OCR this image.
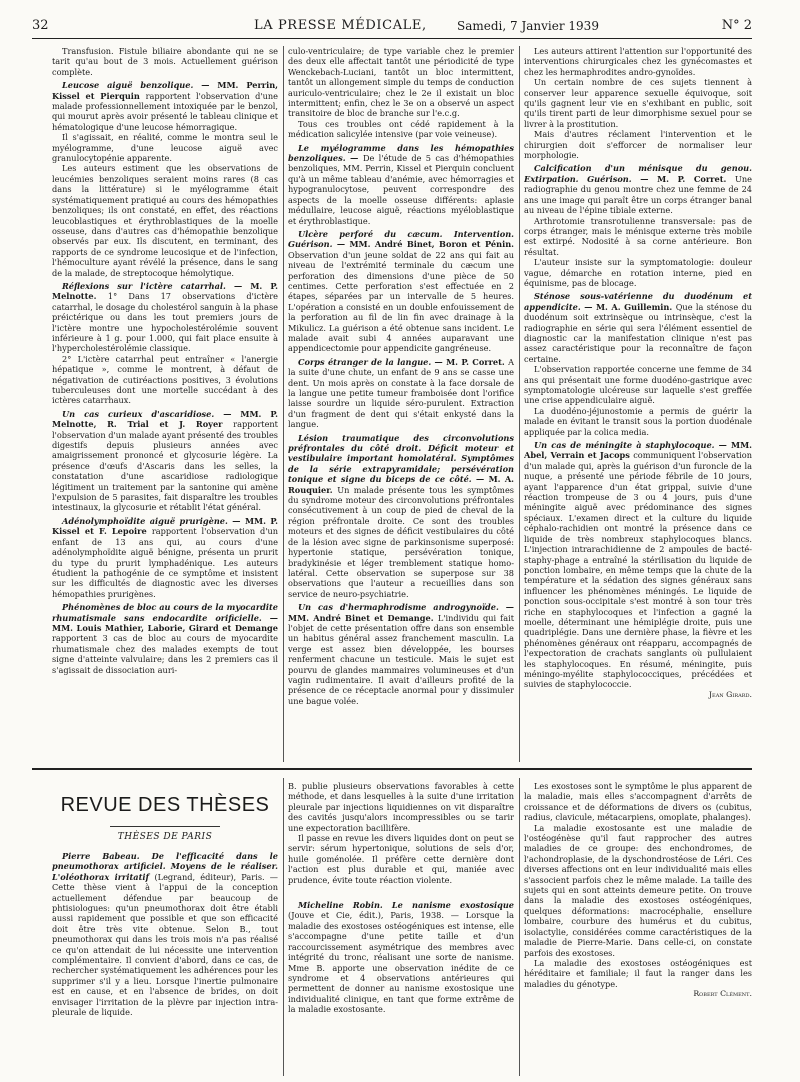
32	LA PRESSE MÉDICALE,	Samedi, 7 Janvier 1939	N° 2

Transfusion. Fistule biliaire abondante qui ne se tarit qu'au bout de 3 mois. Actuellement guérison complète.

Leucose aiguë benzolique. — MM. Perrin, Kissel et Pierquin rapportent l'observation d'une malade professionnellement intoxiquée par le benzol, qui mourut après avoir présenté le tableau clinique et hématologique d'une leucose hémorragique.

Il s'agissait, en réalité, comme le montra seul le myélogramme, d'une leucose aiguë avec granulocytopénie apparente.

Les auteurs estiment que les observations de leucémies benzoliques seraient moins rares (8 cas dans la littérature) si le myélogramme était systématiquement pratiqué au cours des hémopathies benzoliques; ils ont constaté, en effet, des réactions leucoblastiques et érythroblastiques de la moelle osseuse, dans d'autres cas d'hémopathie benzolique observés par eux. Ils discutent, en terminant, des rapports de ce syndrome leucosique et de l'infection, l'hémoculture ayant révélé la présence, dans le sang de la malade, de streptocoque hémolytique.

Réflexions sur l'ictère catarrhal. — M. P. Melnotte. 1° Dans 17 observations d'ictère catarrhal, le dosage du cholestérol sanguin à la phase préictérique ou dans les tout premiers jours de l'ictère montre une hypocholestérolémie souvent inférieure à 1 g. pour 1.000, qui fait place ensuite à l'hypercholestérolémie classique.

2° L'ictère catarrhal peut entraîner « l'anergie hépatique », comme le montrent, à défaut de négativation de cutiréactions positives, 3 évolutions tuberculeuses dont une mortelle succédant à des ictères catarrhaux.

Un cas curieux d'ascaridiose. — MM. P. Melnotte, R. Trial et J. Royer rapportent l'observation d'un malade ayant présenté des troubles digestifs depuis plusieurs années avec amaigrissement prononcé et glycosurie légère. La présence d'œufs d'Ascaris dans les selles, la constatation d'une ascaridiose radiologique légitiment un traitement par la santonine qui amène l'expulsion de 5 parasites, fait disparaître les troubles intestinaux, la glycosurie et rétablit l'état général.

Adénolymphoïdite aiguë prurigène. — MM. P. Kissel et F. Lepoire rapportent l'observation d'un enfant de 13 ans qui, au cours d'une adénolymphoïdite aiguë bénigne, présenta un prurit du type du prurit lymphadénique. Les auteurs étudient la pathogénie de ce symptôme et insistent sur les difficultés de diagnostic avec les diverses hémopathies prurigènes.

Phénomènes de bloc au cours de la myocardite rhumatismale sans endocardite orificielle. — MM. Louis Mathier, Laborie, Girard et Demange rapportent 3 cas de bloc au cours de myocardite rhumatismale chez des malades exempts de tout signe d'atteinte valvulaire; dans les 2 premiers cas il s'agissait de dissociation auri-

culo-ventriculaire; de type variable chez le premier des deux elle affectait tantôt une périodicité de type Wenckebach-Luciani, tantôt un bloc intermittent, tantôt un allongement simple du temps de conduction auriculo-ventriculaire; chez le 2e il existait un bloc intermittent; enfin, chez le 3e on a observé un aspect transitoire de bloc de branche sur l'e.c.g.

Tous ces troubles ont cédé rapidement à la médication salicylée intensive (par voie veineuse).

Le myélogramme dans les hémopathies benzoliques. — De l'étude de 5 cas d'hémopathies benzoliques, MM. Perrin, Kissel et Pierquin concluent qu'à un même tableau d'anémie, avec hémorragies et hypogranulocytose, peuvent correspondre des aspects de la moelle osseuse différents: aplasie médullaire, leucose aiguë, réactions myéloblastique et érythroblastique.

Ulcère perforé du cæcum. Intervention. Guérison. — MM. André Binet, Boron et Pénin. Observation d'un jeune soldat de 22 ans qui fait au niveau de l'extrémité terminale du cæcum une perforation des dimensions d'une pièce de 50 centimes. Cette perforation s'est effectuée en 2 étapes, séparées par un intervalle de 5 heures. L'opération a consisté en un double enfouissement de la perforation au fil de lin fin avec drainage à la Mikulicz. La guérison a été obtenue sans incident. Le malade avait subi 4 années auparavant une appendicectomie pour appendicite gangréneuse.

Corps étranger de la langue. — M. P. Corret. A la suite d'une chute, un enfant de 9 ans se casse une dent. Un mois après on constate à la face dorsale de la langue une petite tumeur framboisée dont l'orifice laisse sourdre un liquide séro-purulent. Extraction d'un fragment de dent qui s'était enkysté dans la langue.

Lésion traumatique des circonvolutions préfrontales du côté droit. Déficit moteur et vestibulaire important homolatéral. Symptômes de la série extrapyramidale; persévération tonique et signe du biceps de ce côté. — M. A. Rouquier. Un malade présente tous les symptômes du syndrome moteur des circonvolutions préfrontales consécutivement à un coup de pied de cheval de la région préfrontale droite. Ce sont des troubles moteurs et des signes de déficit vestibulaires du côté de la lésion avec signe de parkinsonisme superposé: hypertonie statique, persévération tonique, bradykinésie et léger tremblement statique homo-latéral. Cette observation se superpose sur 38 observations que l'auteur a recueillies dans son service de neuro-psychiatrie.

Un cas d'hermaphrodisme androgynoïde. — MM. André Binet et Demange. L'individu qui fait l'objet de cette présentation offre dans son ensemble un habitus général assez franchement masculin. La verge est assez bien développée, les bourses renferment chacune un testicule. Mais le sujet est pourvu de glandes mammaires volumineuses et d'un vagin rudimentaire. Il avait d'ailleurs profité de la présence de ce réceptacle anormal pour y dissimuler une bague volée.

Les auteurs attirent l'attention sur l'opportunité des interventions chirurgicales chez les gynécomastes et chez les hermaphrodites andro-gynoïdes.

Un certain nombre de ces sujets tiennent à conserver leur apparence sexuelle équivoque, soit qu'ils gagnent leur vie en s'exhibant en public, soit qu'ils tirent parti de leur dimorphisme sexuel pour se livrer à la prostitution.

Mais d'autres réclament l'intervention et le chirurgien doit s'efforcer de normaliser leur morphologie.

Calcification d'un ménisque du genou. Extirpation. Guérison. — M. P. Corret. Une radiographie du genou montre chez une femme de 24 ans une image qui paraît être un corps étranger banal au niveau de l'épine tibiale externe.

Arthrotomie transrotulienne transversale: pas de corps étranger, mais le ménisque externe très mobile est extirpé. Nodosité à sa corne antérieure. Bon résultat.

L'auteur insiste sur la symptomatologie: douleur vague, démarche en rotation interne, pied en équinisme, pas de blocage.

Sténose sous-vatérienne du duodénum et appendicite. — M. A. Guillemin. Que la sténose du duodénum soit extrinsèque ou intrinsèque, c'est la radiographie en série qui sera l'élément essentiel de diagnostic car la manifestation clinique n'est pas assez caractéristique pour la reconnaître de façon certaine.

L'observation rapportée concerne une femme de 34 ans qui présentait une forme duodéno-gastrique avec symptomatologie ulcéreuse sur laquelle s'est greffée une crise appendiculaire aiguë.

La duodéno-jéjunostomie a permis de guérir la malade en évitant le transit sous la portion duodénale appliquée par la colica media.

Un cas de méningite à staphylocoque. — MM. Abel, Verrain et Jacops communiquent l'observation d'un malade qui, après la guérison d'un furoncle de la nuque, a présenté une période fébrile de 10 jours, ayant l'apparence d'un état grippal, suivie d'une réaction trompeuse de 3 ou 4 jours, puis d'une méningite aiguë avec prédominance des signes spéciaux. L'examen direct et la culture du liquide céphalo-rachidien ont montré la présence dans ce liquide de très nombreux staphylocoques blancs. L'injection intrarachidienne de 2 ampoules de bacté-staphy-phage a entraîné la stérilisation du liquide de ponction lombaire, en même temps que la chute de la température et la sédation des signes généraux sans influencer les phénomènes méningés. Le liquide de ponction sous-occipitale s'est montré à son tour très riche en staphylocoques et l'infection a gagné la moelle, déterminant une hémiplégie droite, puis une quadriplégie. Dans une dernière phase, la fièvre et les phénomènes généraux ont réapparu, accompagnés de l'expectoration de crachats sanglants où pullulaient les staphylocoques. En résumé, méningite, puis méningo-myélite staphylococciques, précédées et suivies de staphylococcie.

Jean Girard.

REVUE DES THÈSES
THÈSES DE PARIS

Pierre Babeau. De l'efficacité dans le pneumothorax artificiel. Moyens de le réaliser. L'oléothorax irritatif (Legrand, éditeur), Paris. — Cette thèse vient à l'appui de la conception actuellement défendue par beaucoup de phtisiologues: qu'un pneumothorax doit être établi aussi rapidement que possible et que son efficacité doit être très vite obtenue. Selon B., tout pneumothorax qui dans les trois mois n'a pas réalisé ce qu'on attendait de lui nécessite une intervention complémentaire. Il convient d'abord, dans ce cas, de rechercher systématiquement les adhérences pour les supprimer s'il y a lieu. Lorsque l'inertie pulmonaire est en cause, et en l'absence de brides, on doit envisager l'irritation de la plèvre par injection intra-pleurale de liquide.

B. publie plusieurs observations favorables à cette méthode, et dans lesquelles à la suite d'une irritation pleurale par injections liquidiennes on vit disparaître des cavités jusqu'alors incompressibles ou se tarir une expectoration bacillifère.

Il passe en revue les divers liquides dont on peut se servir: sérum hypertonique, solutions de sels d'or, huile goménolée. Il préfère cette dernière dont l'action est plus durable et qui, maniée avec prudence, évite toute réaction violente.

Micheline Robin. Le nanisme exostosique (Jouve et Cie, édit.), Paris, 1938. — Lorsque la maladie des exostoses ostéogéniques est intense, elle s'accompagne d'une petite taille et d'un raccourcissement asymétrique des membres avec intégrité du tronc, réalisant une sorte de nanisme. Mme B. apporte une observation inédite de ce syndrome et 4 observations antérieures qui permettent de donner au nanisme exostosique une individualité clinique, en tant que forme extrême de la maladie exostosante.

Les exostoses sont le symptôme le plus apparent de la maladie, mais elles s'accompagnent d'arrêts de croissance et de déformations de divers os (cubitus, radius, clavicule, métacarpiens, omoplate, phalanges).

La maladie exostosante est une maladie de l'ostéogénèse qu'il faut rapprocher des autres maladies de ce groupe: des enchondromes, de l'achondroplasie, de la dyschondrostéose de Léri. Ces diverses affections ont en leur individualité mais elles s'associent parfois chez le même malade. La taille des sujets qui en sont atteints demeure petite. On trouve dans la maladie des exostoses ostéogéniques, quelques déformations: macrocéphalie, ensellure lombaire, courbure des humérus et du cubitus, isolactylie, considérées comme caractéristiques de la maladie de Pierre-Marie. Dans celle-ci, on constate parfois des exostoses.

La maladie des exostoses ostéogéniques est héréditaire et familiale; il faut la ranger dans les maladies du génotype.

Robert Clément.
